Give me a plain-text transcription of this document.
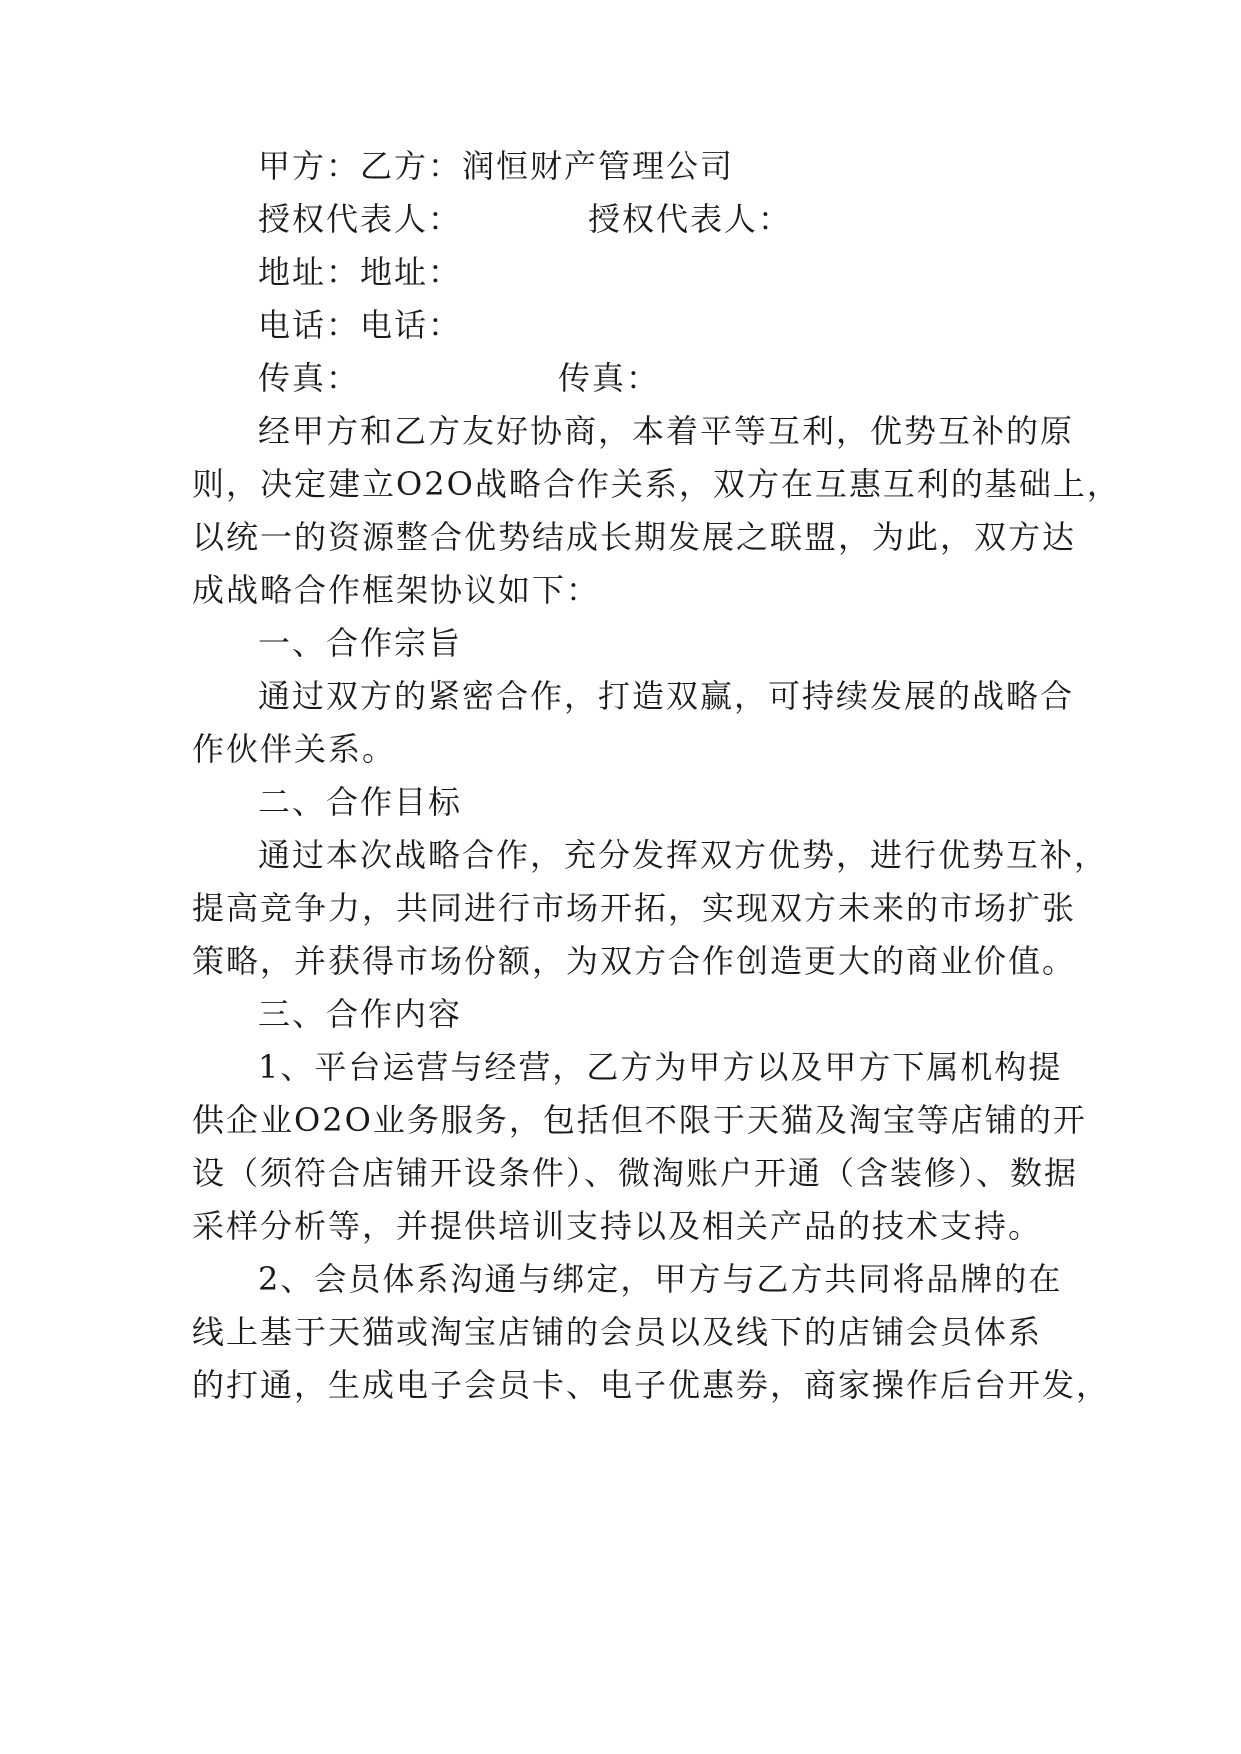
甲方：乙方：润恒财产管理公司
授权代表人：	授权代表人：
地址：地址：
电话：电话：
传真：	传真：
经甲方和乙方友好协商，本着平等互利，优势互补的原
则，决定建立O2O战略合作关系，双方在互惠互利的基础上，
以统一的资源整合优势结成长期发展之联盟，为此，双方达
成战略合作框架协议如下：
一、合作宗旨
通过双方的紧密合作，打造双赢，可持续发展的战略合
作伙伴关系。
二、合作目标
通过本次战略合作，充分发挥双方优势，进行优势互补，
提高竞争力，共同进行市场开拓，实现双方未来的市场扩张
策略，并获得市场份额，为双方合作创造更大的商业价值。
三、合作内容
1、平台运营与经营，乙方为甲方以及甲方下属机构提
供企业O2O业务服务，包括但不限于天猫及淘宝等店铺的开
设（须符合店铺开设条件）、微淘账户开通（含装修）、数据
采样分析等，并提供培训支持以及相关产品的技术支持。
2、会员体系沟通与绑定，甲方与乙方共同将品牌的在
线上基于天猫或淘宝店铺的会员以及线下的店铺会员体系
的打通，生成电子会员卡、电子优惠券，商家操作后台开发，
